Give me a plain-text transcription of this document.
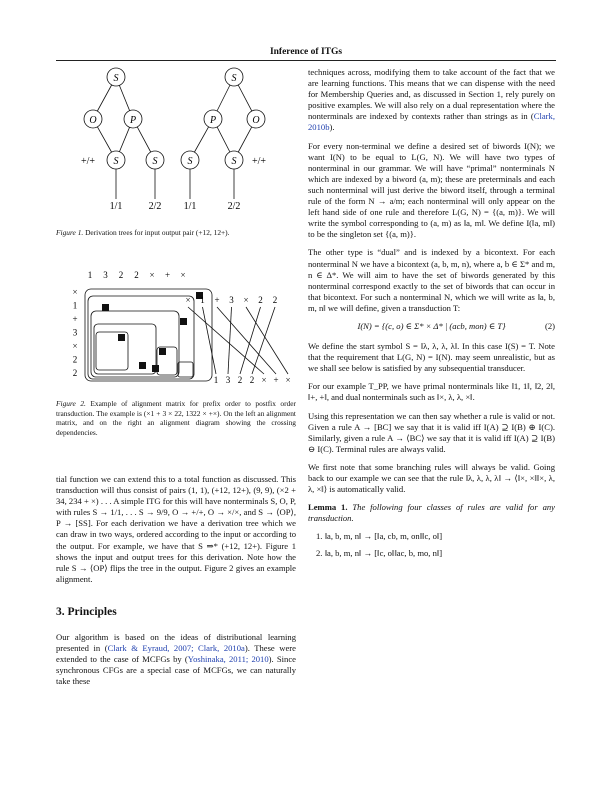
Inference of ITGs
S
O	P
S	S
S
P	O
S	S
+/+
1/1	2/2
+/+
1/1	2/2
Figure 1. Derivation trees for input output pair (+12, 12+).
1 3 2 2 × + ×
×
1
+
3
×
2
2
× 1 + 3 × 2 2
1 3 2 2 × + ×
Figure 2. Example of alignment matrix for prefix order to postfix order transduction. The example is (×1 + 3 × 22, 1322 × +×). On the left an alignment matrix, and on the right an alignment diagram showing the crossing dependencies.

tial function we can extend this to a total function as discussed. This transduction will thus consist of pairs (1, 1), (+12, 12+), (9, 9), (×2 + 34, 234 + ×) . . . A simple ITG for this will have nonterminals S, O, P, with rules S → 1/1, . . . S → 9/9, O → +/+, O → ×/×, and S → ⟨OP⟩, P → [SS]. For each derivation we have a derivation tree which we can draw in two ways, ordered according to the input or according to the output. For example, we have that S ⇒* (+12, 12+). Figure 1 shows the input and output trees for this derivation. Note how the rule S → ⟨OP⟩ flips the tree in the output. Figure 2 gives an example alignment.

3. Principles

Our algorithm is based on the ideas of distributional learning presented in (Clark & Eyraud, 2007; Clark, 2010a). These were extended to the case of MCFGs by (Yoshinaka, 2011; 2010). Since synchronous CFGs are a special case of MCFGs, we can naturally take these

techniques across, modifying them to take account of the fact that we are learning functions. This means that we can dispense with the need for Membership Queries and, as discussed in Section 1, rely purely on positive examples. We will also rely on a dual representation where the nonterminals are indexed by contexts rather than strings as in (Clark, 2010b).

For every non-terminal we define a desired set of biwords I(N); we want I(N) to be equal to L(G, N). We will have two types of nonterminal in our grammar. We will have “primal” nonterminals N which are indexed by a biword (a, m); these are preterminals and each such nonterminal will just derive the biword itself, through a terminal rule of the form N → a/m; each nonterminal will only appear on the left hand side of one rule and therefore L(G, N) = {(a, m)}. We will write the symbol corresponding to (a, m) as ‖a, m‖. We define I(‖a, m‖) to be the singleton set {(a, m)}.

The other type is “dual” and is indexed by a bicontext. For each nonterminal N we have a bicontext (a, b, m, n), where a, b ∈ Σ* and m, n ∈ Δ*. We will aim to have the set of biwords generated by this nonterminal correspond exactly to the set of biwords that can occur in that bicontext. For such a nonterminal N, which we will write as ‖a, b, m, n‖ we will define, given a transduction T:

I(N) = {(c, o) ∈ Σ* × Δ* | (acb, mon) ∈ T}	(2)

We define the start symbol S = ‖λ, λ, λ, λ‖. In this case I(S) = T. Note that the requirement that L(G, N) = I(N). may seem unrealistic, but as we shall see below is satisfied by any subsequential transducer.

For our example T_PP, we have primal nonterminals like ‖1, 1‖, ‖2, 2‖, ‖+, +‖, and dual nonterminals such as ‖×, λ, λ, ×‖.

Using this representation we can then say whether a rule is valid or not. Given a rule A → [BC] we say that it is valid iff I(A) ⊇ I(B) ⊕ I(C). Similarly, given a rule A → ⟨BC⟩ we say that it is valid iff I(A) ⊇ I(B) ⊖ I(C). Terminal rules are always valid.

We first note that some branching rules will always be valid. Going back to our example we can see that the rule ‖λ, λ, λ, λ‖ → ⟨‖×, ×‖‖×, λ, λ, ×‖⟩ is automatically valid.

Lemma 1. The following four classes of rules are valid for any transduction.

1. ‖a, b, m, n‖ → [‖a, cb, m, on‖‖c, o‖]
2. ‖a, b, m, n‖ → [‖c, o‖‖ac, b, mo, n‖]
